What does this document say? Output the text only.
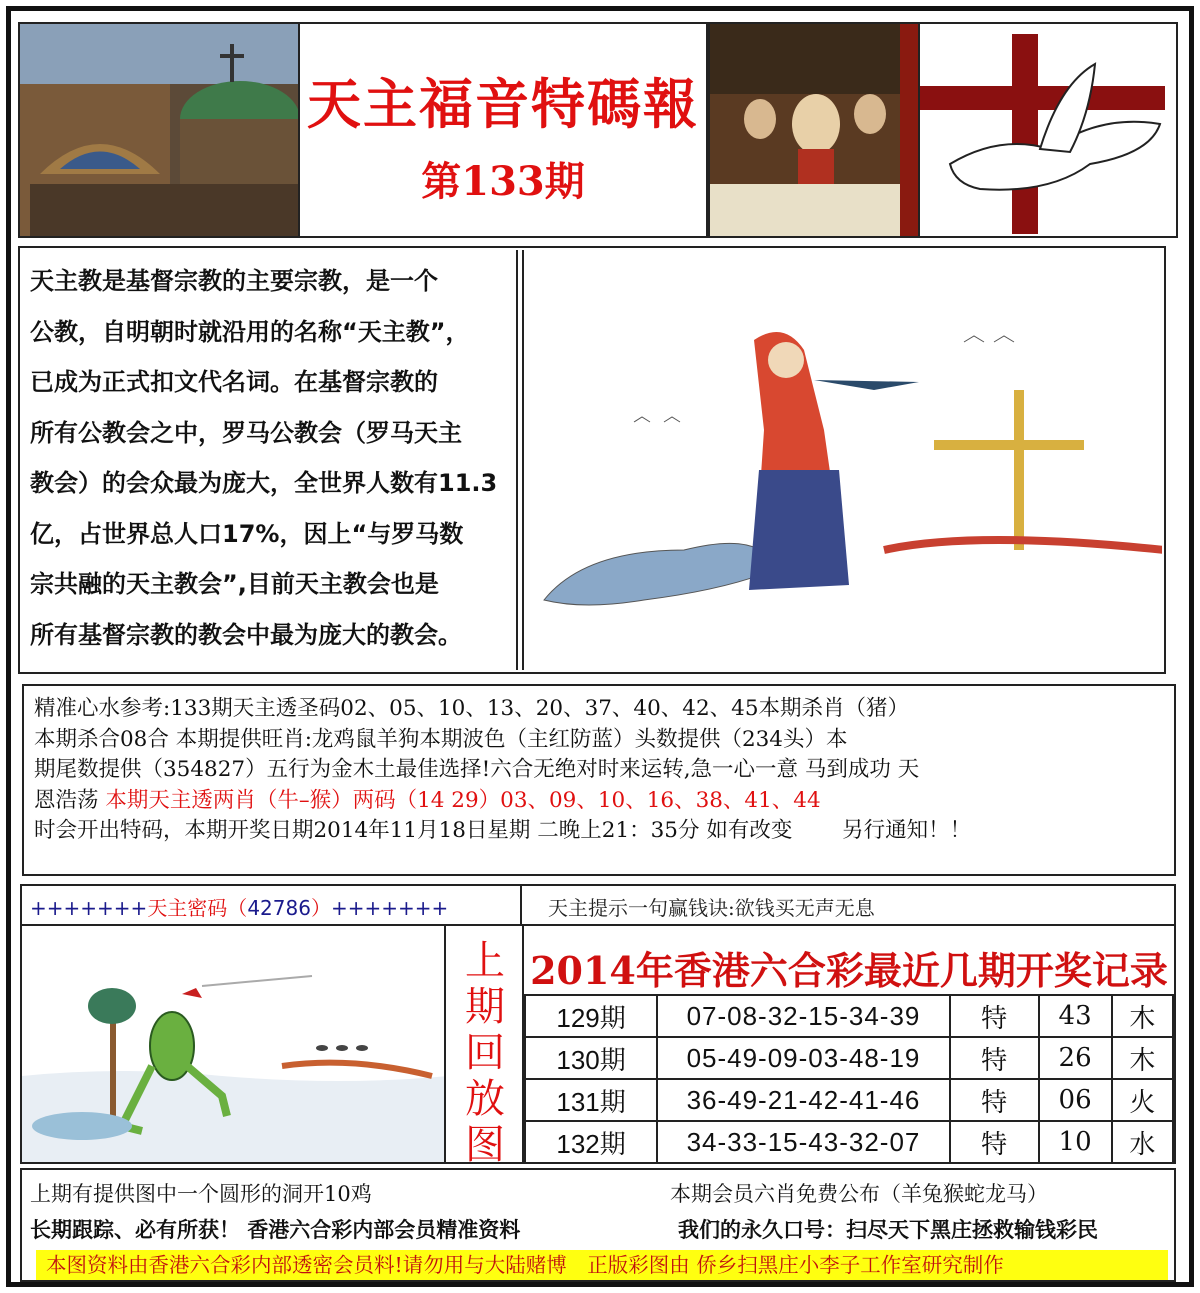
天主福音特碼報
第133期
天主教是基督宗教的主要宗教，是一个
公教，自明朝时就沿用的名称“天主教”，
已成为正式扣文代名词。在基督宗教的
所有公教会之中，罗马公教会（罗马天主
教会）的会众最为庞大，全世界人数有11.3
亿，占世界总人口17%，因上“与罗马数
宗共融的天主教会”,目前天主教会也是
所有基督宗教的教会中最为庞大的教会。
精准心水参考:133期天主透圣码02、05、10、13、20、37、40、42、45本期杀肖（猪）
本期杀合08合 本期提供旺肖:龙鸡鼠羊狗本期波色（主红防蓝）头数提供（234头）本
期尾数提供（354827）五行为金木土最佳选择!六合无绝对时来运转,急一心一意 马到成功 天
恩浩荡 本期天主透两肖（牛–猴）两码（14 29）03、09、10、16、38、41、44
时会开出特码，本期开奖日期2014年11月18日星期 二晚上21：35分 如有改变　　 另行通知！！
+++++++天主密码（42786）+++++++	天主提示一句赢钱诀:欲钱买无声无息
上
期
回
放
图
2014年香港六合彩最近几期开奖记录
129期	07-08-32-15-34-39	特	43	木
130期	05-49-09-03-48-19	特	26	木
131期	36-49-21-42-41-46	特	06	火
132期	34-33-15-43-32-07	特	10	水
上期有提供图中一个圆形的洞开10鸡	本期会员六肖免费公布（羊兔猴蛇龙马）
长期跟踪、必有所获！ 香港六合彩内部会员精准资料	我们的永久口号：扫尽天下黑庄拯救输钱彩民
本图资料由香港六合彩内部透密会员料!请勿用与大陆赌博　正版彩图由 侨乡扫黑庄小李子工作室研究制作
